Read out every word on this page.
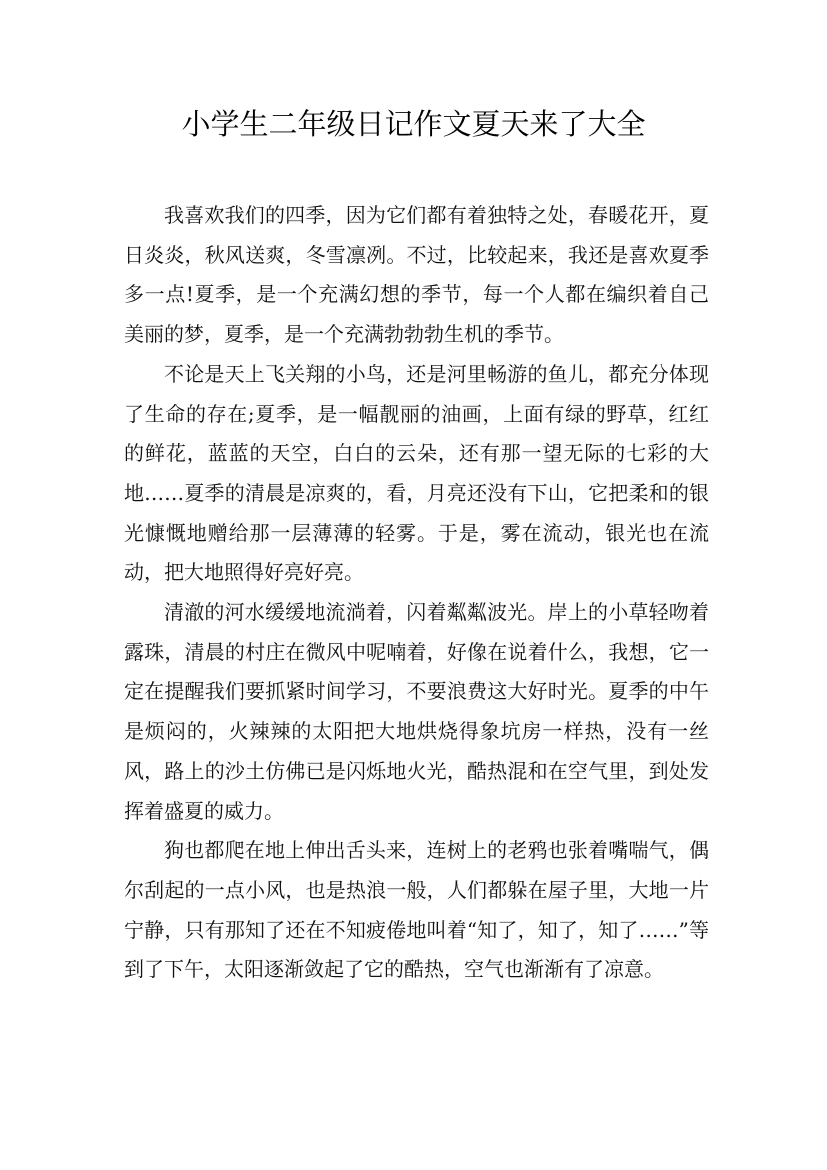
小学生二年级日记作文夏天来了大全

我喜欢我们的四季，因为它们都有着独特之处，春暖花开，夏日炎炎，秋风送爽，冬雪凛冽。不过，比较起来，我还是喜欢夏季多一点!夏季，是一个充满幻想的季节，每一个人都在编织着自己美丽的梦，夏季，是一个充满勃勃勃生机的季节。

不论是天上飞关翔的小鸟，还是河里畅游的鱼儿，都充分体现了生命的存在;夏季，是一幅靓丽的油画，上面有绿的野草，红红的鲜花，蓝蓝的天空，白白的云朵，还有那一望无际的七彩的大地……夏季的清晨是凉爽的，看，月亮还没有下山，它把柔和的银光慷慨地赠给那一层薄薄的轻雾。于是，雾在流动，银光也在流动，把大地照得好亮好亮。

清澈的河水缓缓地流淌着，闪着粼粼波光。岸上的小草轻吻着露珠，清晨的村庄在微风中呢喃着，好像在说着什么，我想，它一定在提醒我们要抓紧时间学习，不要浪费这大好时光。夏季的中午是烦闷的，火辣辣的太阳把大地烘烧得象坑房一样热，没有一丝风，路上的沙土仿佛已是闪烁地火光，酷热混和在空气里，到处发挥着盛夏的威力。

狗也都爬在地上伸出舌头来，连树上的老鸦也张着嘴喘气，偶尔刮起的一点小风，也是热浪一般，人们都躲在屋子里，大地一片宁静，只有那知了还在不知疲倦地叫着“知了，知了，知了……”等到了下午，太阳逐渐敛起了它的酷热，空气也渐渐有了凉意。
